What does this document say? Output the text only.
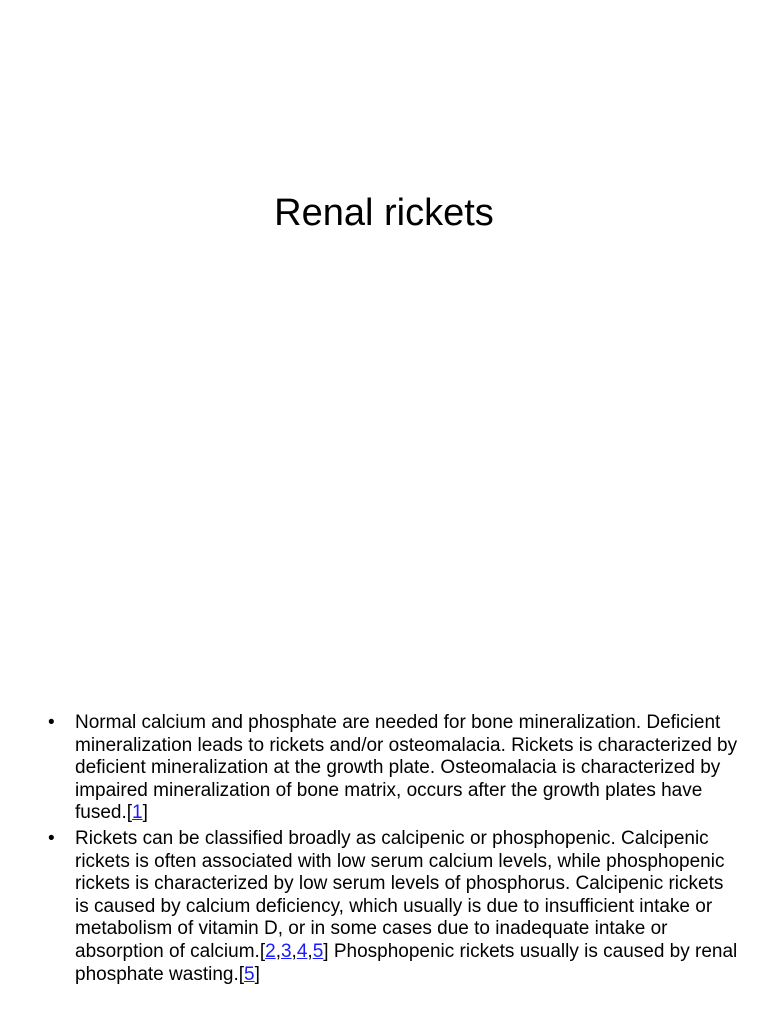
Renal rickets
• Normal calcium and phosphate are needed for bone mineralization. Deficient mineralization leads to rickets and/or osteomalacia. Rickets is characterized by deficient mineralization at the growth plate. Osteomalacia is characterized by impaired mineralization of bone matrix, occurs after the growth plates have fused.[1]
• Rickets can be classified broadly as calcipenic or phosphopenic. Calcipenic rickets is often associated with low serum calcium levels, while phosphopenic rickets is characterized by low serum levels of phosphorus. Calcipenic rickets is caused by calcium deficiency, which usually is due to insufficient intake or metabolism of vitamin D, or in some cases due to inadequate intake or absorption of calcium.[2,3,4,5] Phosphopenic rickets usually is caused by renal phosphate wasting.[5]
